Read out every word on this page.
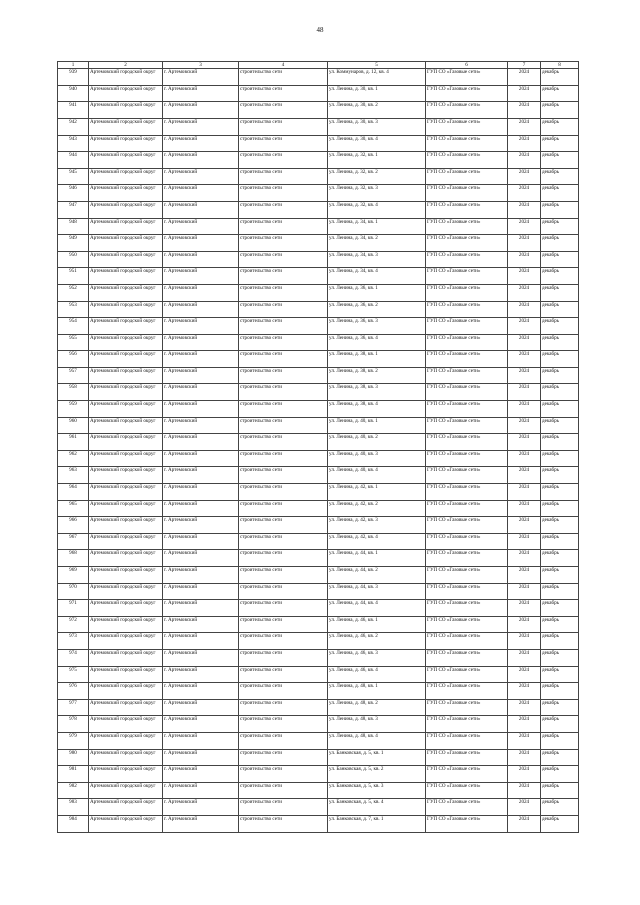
48
1	2	3	4	5	6	7	8
939	Артемовский городской округ	г. Артемовский	строительство сети	ул. Коммунаров, д. 12, кв. 4	ГУП СО «Газовые сети»	2024	декабрь
940	Артемовский городской округ	г. Артемовский	строительство сети	ул. Ленина, д. 30, кв. 1	ГУП СО «Газовые сети»	2024	декабрь
941	Артемовский городской округ	г. Артемовский	строительство сети	ул. Ленина, д. 30, кв. 2	ГУП СО «Газовые сети»	2024	декабрь
942	Артемовский городской округ	г. Артемовский	строительство сети	ул. Ленина, д. 30, кв. 3	ГУП СО «Газовые сети»	2024	декабрь
943	Артемовский городской округ	г. Артемовский	строительство сети	ул. Ленина, д. 30, кв. 4	ГУП СО «Газовые сети»	2024	декабрь
944	Артемовский городской округ	г. Артемовский	строительство сети	ул. Ленина, д. 32, кв. 1	ГУП СО «Газовые сети»	2024	декабрь
945	Артемовский городской округ	г. Артемовский	строительство сети	ул. Ленина, д. 32, кв. 2	ГУП СО «Газовые сети»	2024	декабрь
946	Артемовский городской округ	г. Артемовский	строительство сети	ул. Ленина, д. 32, кв. 3	ГУП СО «Газовые сети»	2024	декабрь
947	Артемовский городской округ	г. Артемовский	строительство сети	ул. Ленина, д. 32, кв. 4	ГУП СО «Газовые сети»	2024	декабрь
948	Артемовский городской округ	г. Артемовский	строительство сети	ул. Ленина, д. 34, кв. 1	ГУП СО «Газовые сети»	2024	декабрь
949	Артемовский городской округ	г. Артемовский	строительство сети	ул. Ленина, д. 34, кв. 2	ГУП СО «Газовые сети»	2024	декабрь
950	Артемовский городской округ	г. Артемовский	строительство сети	ул. Ленина, д. 34, кв. 3	ГУП СО «Газовые сети»	2024	декабрь
951	Артемовский городской округ	г. Артемовский	строительство сети	ул. Ленина, д. 34, кв. 4	ГУП СО «Газовые сети»	2024	декабрь
952	Артемовский городской округ	г. Артемовский	строительство сети	ул. Ленина, д. 36, кв. 1	ГУП СО «Газовые сети»	2024	декабрь
953	Артемовский городской округ	г. Артемовский	строительство сети	ул. Ленина, д. 36, кв. 2	ГУП СО «Газовые сети»	2024	декабрь
954	Артемовский городской округ	г. Артемовский	строительство сети	ул. Ленина, д. 36, кв. 3	ГУП СО «Газовые сети»	2024	декабрь
955	Артемовский городской округ	г. Артемовский	строительство сети	ул. Ленина, д. 36, кв. 4	ГУП СО «Газовые сети»	2024	декабрь
956	Артемовский городской округ	г. Артемовский	строительство сети	ул. Ленина, д. 38, кв. 1	ГУП СО «Газовые сети»	2024	декабрь
957	Артемовский городской округ	г. Артемовский	строительство сети	ул. Ленина, д. 38, кв. 2	ГУП СО «Газовые сети»	2024	декабрь
958	Артемовский городской округ	г. Артемовский	строительство сети	ул. Ленина, д. 38, кв. 3	ГУП СО «Газовые сети»	2024	декабрь
959	Артемовский городской округ	г. Артемовский	строительство сети	ул. Ленина, д. 38, кв. 4	ГУП СО «Газовые сети»	2024	декабрь
960	Артемовский городской округ	г. Артемовский	строительство сети	ул. Ленина, д. 40, кв. 1	ГУП СО «Газовые сети»	2024	декабрь
961	Артемовский городской округ	г. Артемовский	строительство сети	ул. Ленина, д. 40, кв. 2	ГУП СО «Газовые сети»	2024	декабрь
962	Артемовский городской округ	г. Артемовский	строительство сети	ул. Ленина, д. 40, кв. 3	ГУП СО «Газовые сети»	2024	декабрь
963	Артемовский городской округ	г. Артемовский	строительство сети	ул. Ленина, д. 40, кв. 4	ГУП СО «Газовые сети»	2024	декабрь
964	Артемовский городской округ	г. Артемовский	строительство сети	ул. Ленина, д. 42, кв. 1	ГУП СО «Газовые сети»	2024	декабрь
965	Артемовский городской округ	г. Артемовский	строительство сети	ул. Ленина, д. 42, кв. 2	ГУП СО «Газовые сети»	2024	декабрь
966	Артемовский городской округ	г. Артемовский	строительство сети	ул. Ленина, д. 42, кв. 3	ГУП СО «Газовые сети»	2024	декабрь
967	Артемовский городской округ	г. Артемовский	строительство сети	ул. Ленина, д. 42, кв. 4	ГУП СО «Газовые сети»	2024	декабрь
968	Артемовский городской округ	г. Артемовский	строительство сети	ул. Ленина, д. 44, кв. 1	ГУП СО «Газовые сети»	2024	декабрь
969	Артемовский городской округ	г. Артемовский	строительство сети	ул. Ленина, д. 44, кв. 2	ГУП СО «Газовые сети»	2024	декабрь
970	Артемовский городской округ	г. Артемовский	строительство сети	ул. Ленина, д. 44, кв. 3	ГУП СО «Газовые сети»	2024	декабрь
971	Артемовский городской округ	г. Артемовский	строительство сети	ул. Ленина, д. 44, кв. 4	ГУП СО «Газовые сети»	2024	декабрь
972	Артемовский городской округ	г. Артемовский	строительство сети	ул. Ленина, д. 46, кв. 1	ГУП СО «Газовые сети»	2024	декабрь
973	Артемовский городской округ	г. Артемовский	строительство сети	ул. Ленина, д. 46, кв. 2	ГУП СО «Газовые сети»	2024	декабрь
974	Артемовский городской округ	г. Артемовский	строительство сети	ул. Ленина, д. 46, кв. 3	ГУП СО «Газовые сети»	2024	декабрь
975	Артемовский городской округ	г. Артемовский	строительство сети	ул. Ленина, д. 46, кв. 4	ГУП СО «Газовые сети»	2024	декабрь
976	Артемовский городской округ	г. Артемовский	строительство сети	ул. Ленина, д. 48, кв. 1	ГУП СО «Газовые сети»	2024	декабрь
977	Артемовский городской округ	г. Артемовский	строительство сети	ул. Ленина, д. 48, кв. 2	ГУП СО «Газовые сети»	2024	декабрь
978	Артемовский городской округ	г. Артемовский	строительство сети	ул. Ленина, д. 48, кв. 3	ГУП СО «Газовые сети»	2024	декабрь
979	Артемовский городской округ	г. Артемовский	строительство сети	ул. Ленина, д. 48, кв. 4	ГУП СО «Газовые сети»	2024	декабрь
980	Артемовский городской округ	г. Артемовский	строительство сети	ул. Банковская, д. 5, кв. 1	ГУП СО «Газовые сети»	2024	декабрь
981	Артемовский городской округ	г. Артемовский	строительство сети	ул. Банковская, д. 5, кв. 2	ГУП СО «Газовые сети»	2024	декабрь
982	Артемовский городской округ	г. Артемовский	строительство сети	ул. Банковская, д. 5, кв. 3	ГУП СО «Газовые сети»	2024	декабрь
983	Артемовский городской округ	г. Артемовский	строительство сети	ул. Банковская, д. 5, кв. 4	ГУП СО «Газовые сети»	2024	декабрь
984	Артемовский городской округ	г. Артемовский	строительство сети	ул. Банковская, д. 7, кв. 1	ГУП СО «Газовые сети»	2024	декабрь
